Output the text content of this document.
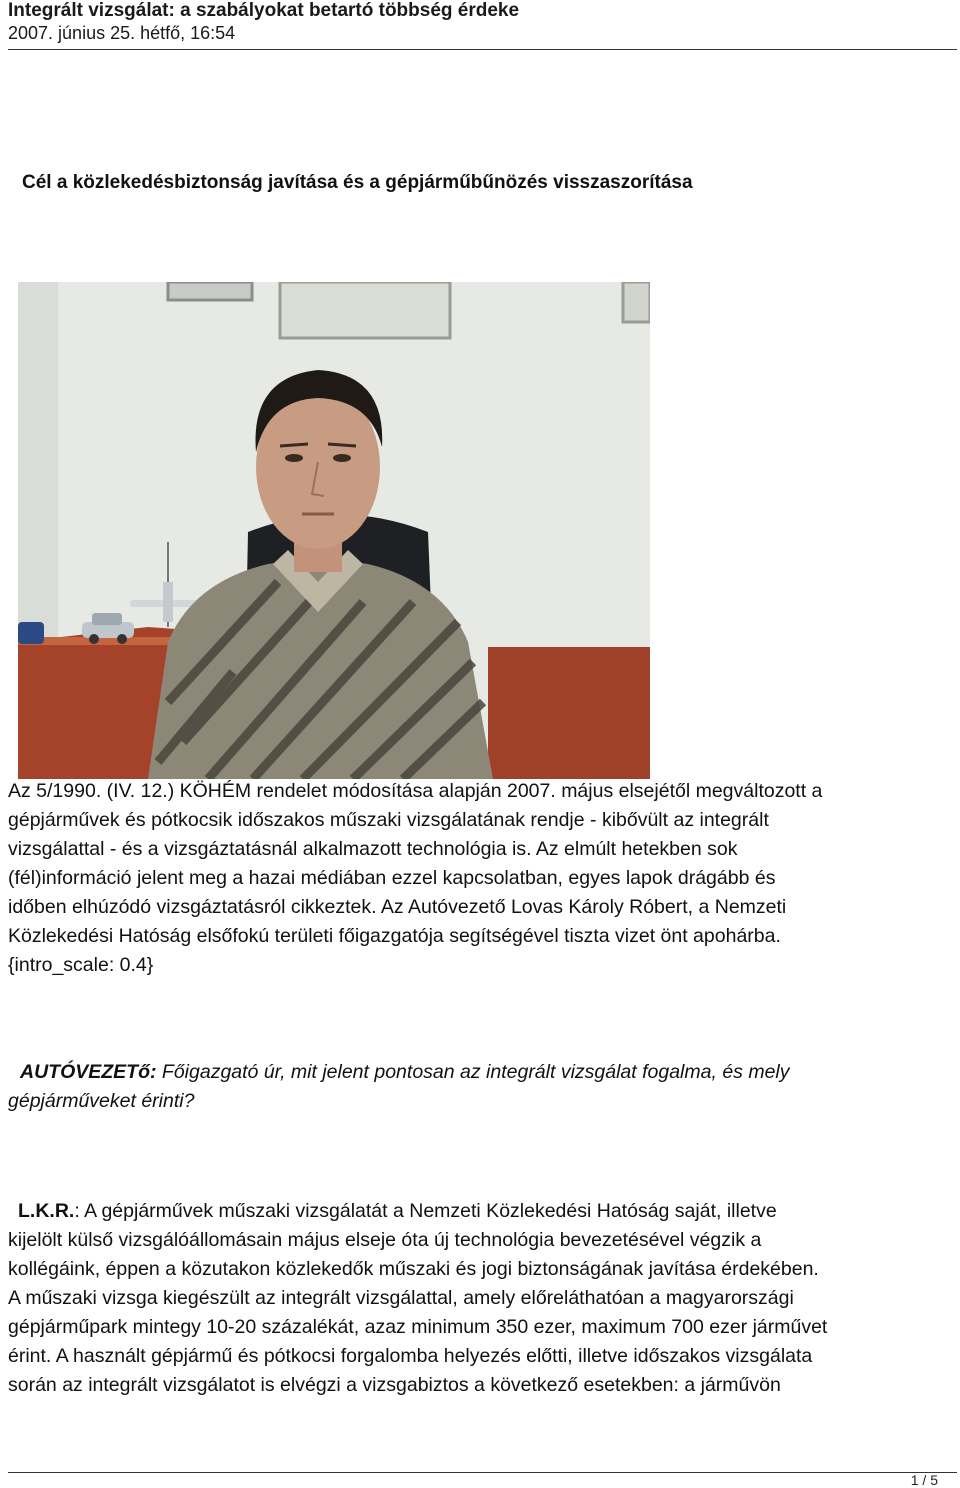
Integrált vizsgálat: a szabályokat betartó többség érdeke
2007. június 25. hétfő, 16:54
Cél a közlekedésbiztonság javítása és a gépjárműbűnözés visszaszorítása
Az 5/1990. (IV. 12.) KÖHÉM rendelet módosítása alapján 2007. május elsejétől megváltozott a
gépjárművek és pótkocsik időszakos műszaki vizsgálatának rendje - kibővült az integrált
vizsgálattal - és a vizsgáztatásnál alkalmazott technológia is. Az elmúlt hetekben sok
(fél)információ jelent meg a hazai médiában ezzel kapcsolatban, egyes lapok drágább és
időben elhúzódó vizsgáztatásról cikkeztek. Az Autóvezető Lovas Károly Róbert, a Nemzeti
Közlekedési Hatóság elsőfokú területi főigazgatója segítségével tiszta vizet önt apohárba.
{intro_scale: 0.4}
AUTÓVEZETő: Főigazgató úr, mit jelent pontosan az integrált vizsgálat fogalma, és mely
gépjárműveket érinti?
L.K.R.: A gépjárművek műszaki vizsgálatát a Nemzeti Közlekedési Hatóság saját, illetve
kijelölt külső vizsgálóállomásain május elseje óta új technológia bevezetésével végzik a
kollégáink, éppen a közutakon közlekedők műszaki és jogi biztonságának javítása érdekében.
A műszaki vizsga kiegészült az integrált vizsgálattal, amely előreláthatóan a magyarországi
gépjárműpark mintegy 10-20 százalékát, azaz minimum 350 ezer, maximum 700 ezer járművet
érint. A használt gépjármű és pótkocsi forgalomba helyezés előtti, illetve időszakos vizsgálata
során az integrált vizsgálatot is elvégzi a vizsgabiztos a következő esetekben: a járművön
1 / 5
